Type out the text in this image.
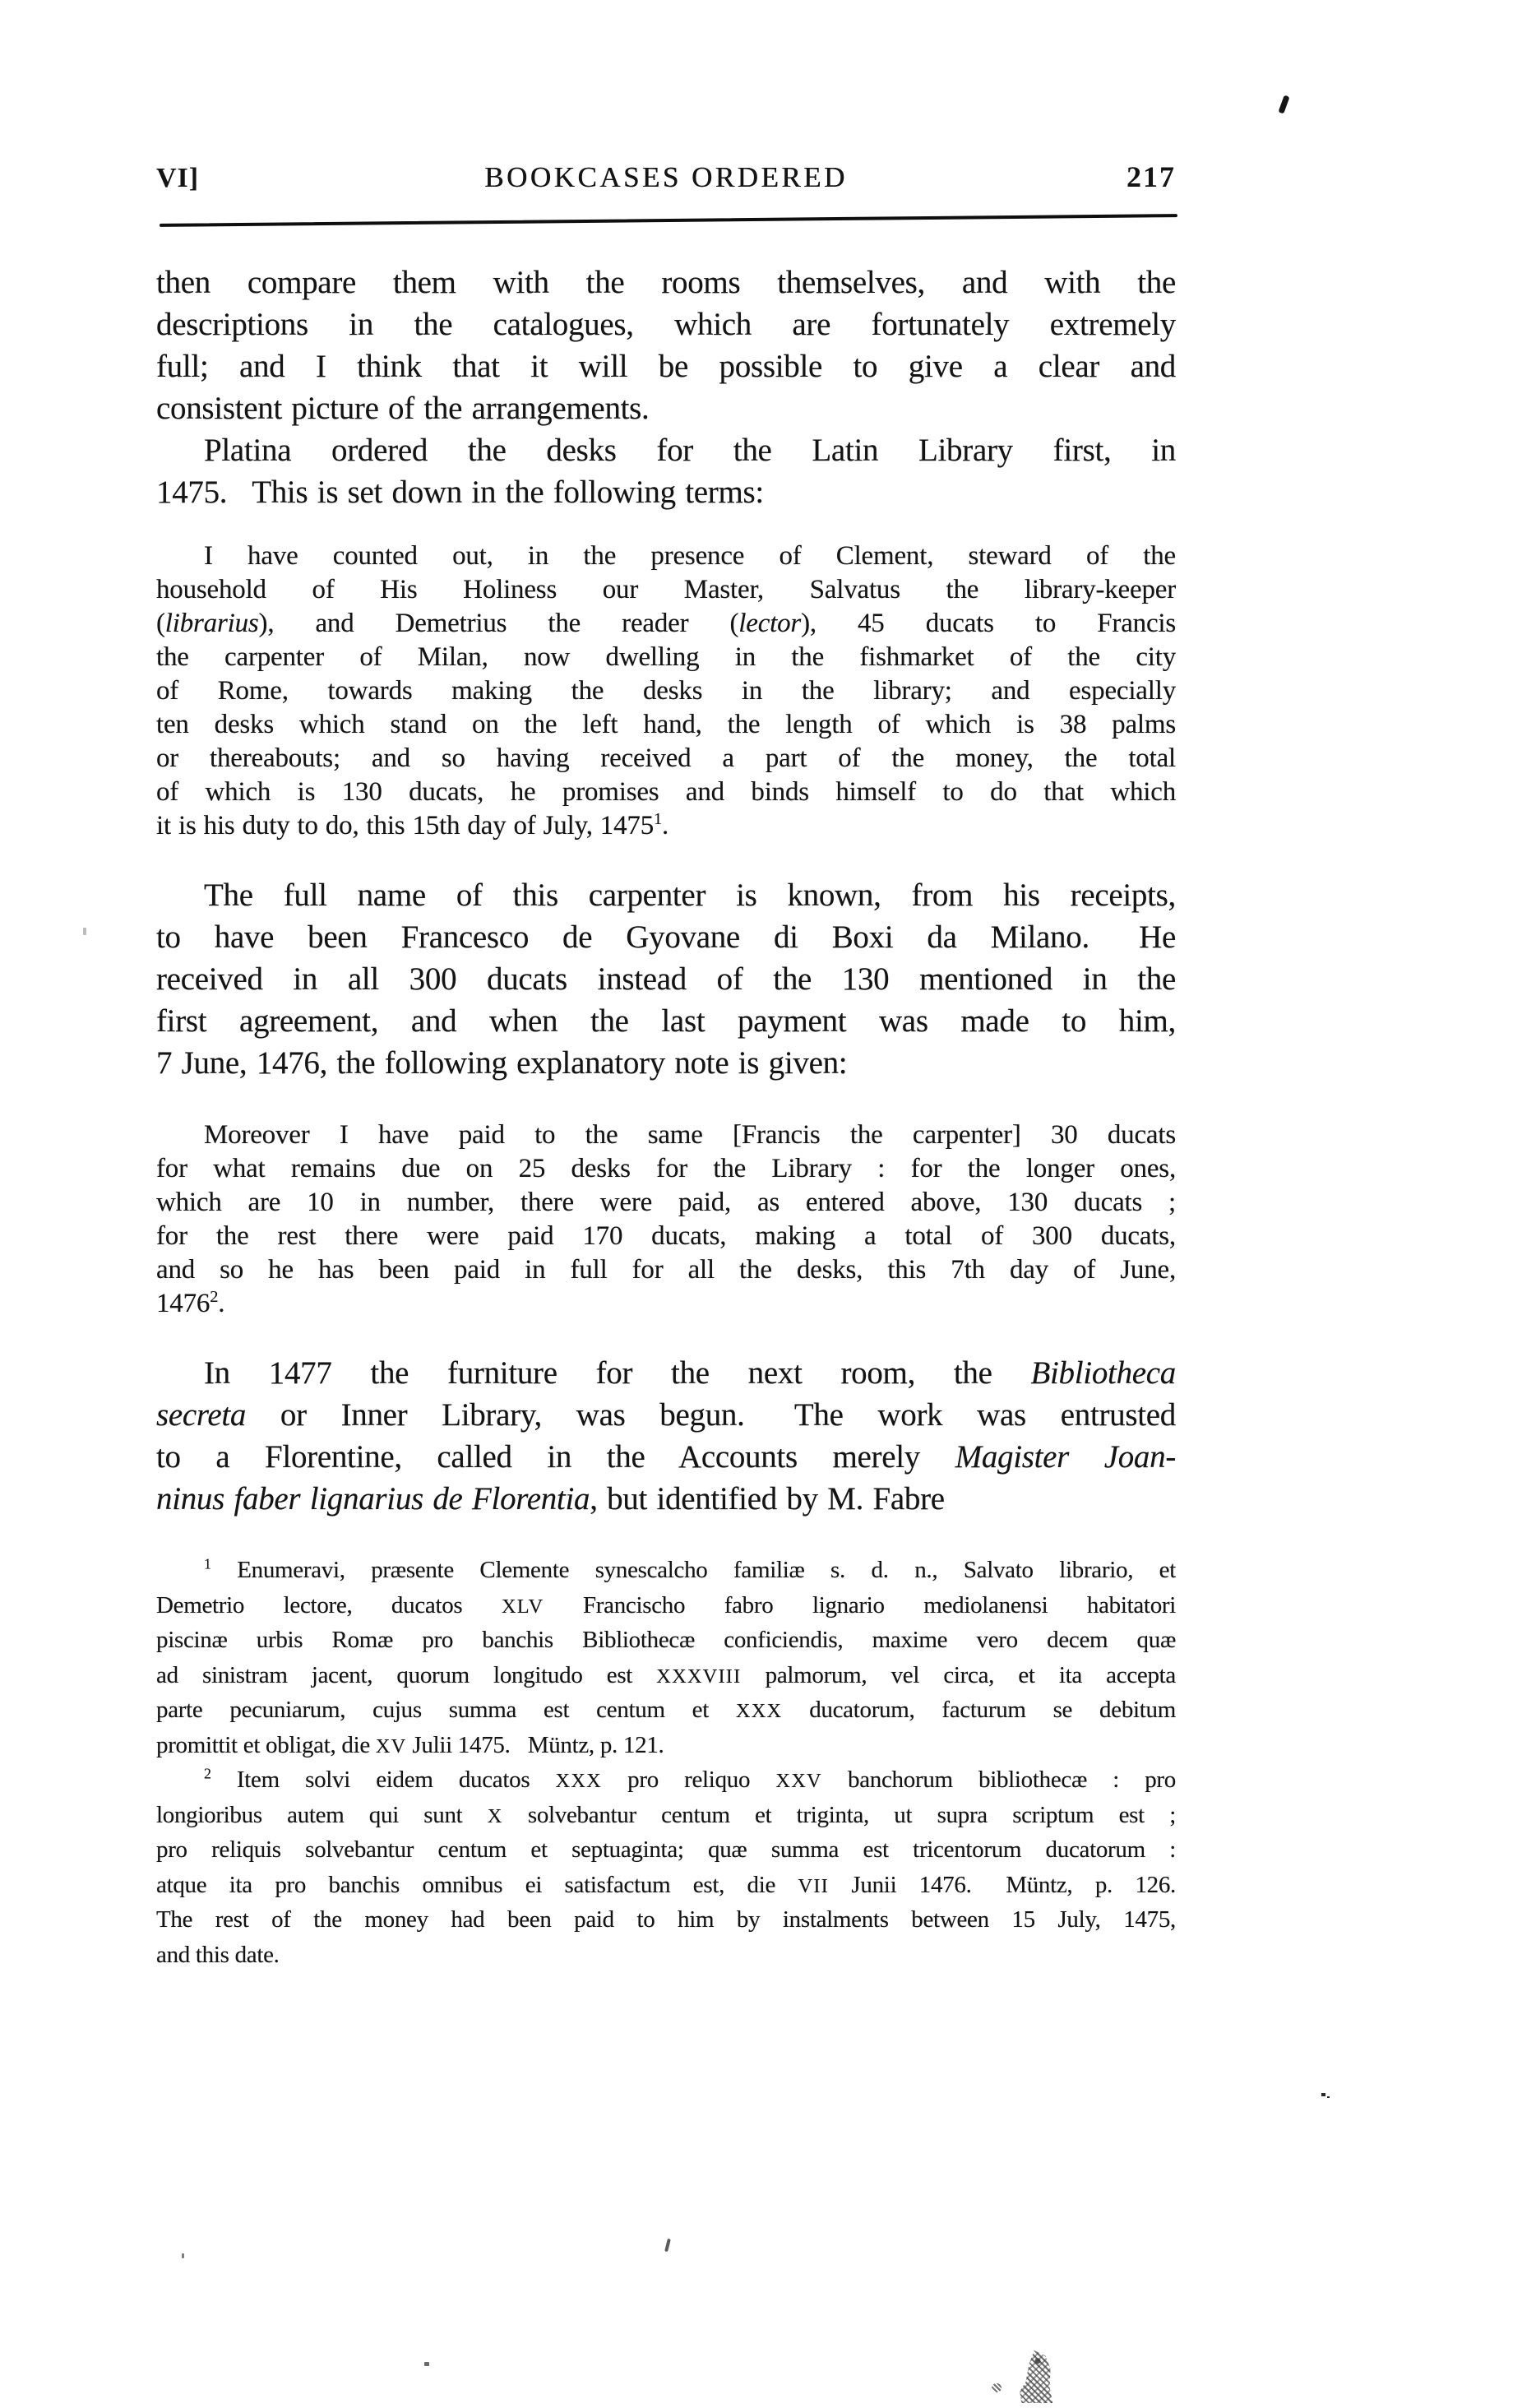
VI]	BOOKCASES ORDERED	217
then compare them with the rooms themselves, and with the
descriptions in the catalogues, which are fortunately extremely
full; and I think that it will be possible to give a clear and
consistent picture of the arrangements.
Platina ordered the desks for the Latin Library first, in
1475.  This is set down in the following terms:
I have counted out, in the presence of Clement, steward of the
household of His Holiness our Master, Salvatus the library-keeper
(librarius), and Demetrius the reader (lector), 45 ducats to Francis
the carpenter of Milan, now dwelling in the fishmarket of the city
of Rome, towards making the desks in the library; and especially
ten desks which stand on the left hand, the length of which is 38 palms
or thereabouts; and so having received a part of the money, the total
of which is 130 ducats, he promises and binds himself to do that which
it is his duty to do, this 15th day of July, 1475$^1$.
The full name of this carpenter is known, from his receipts,
to have been Francesco de Gyovane di Boxi da Milano.  He
received in all 300 ducats instead of the 130 mentioned in the
first agreement, and when the last payment was made to him,
7 June, 1476, the following explanatory note is given:
Moreover I have paid to the same [Francis the carpenter] 30 ducats
for what remains due on 25 desks for the Library : for the longer ones,
which are 10 in number, there were paid, as entered above, 130 ducats ;
for the rest there were paid 170 ducats, making a total of 300 ducats,
and so he has been paid in full for all the desks, this 7th day of June,
1476$^2$.
In 1477 the furniture for the next room, the Bibliotheca
secreta or Inner Library, was begun.  The work was entrusted
to a Florentine, called in the Accounts merely Magister Joan-
ninus faber lignarius de Florentia, but identified by M. Fabre
$^1$ Enumeravi, præsente Clemente synescalcho familiæ s. d. n., Salvato librario, et
Demetrio lectore, ducatos XLV Francischo fabro lignario mediolanensi habitatori
piscinæ urbis Romæ pro banchis Bibliothecæ conficiendis, maxime vero decem quæ
ad sinistram jacent, quorum longitudo est XXXVIII palmorum, vel circa, et ita accepta
parte pecuniarum, cujus summa est centum et XXX ducatorum, facturum se debitum
promittit et obligat, die XV Julii 1475.  Müntz, p. 121.
$^2$ Item solvi eidem ducatos XXX pro reliquo XXV banchorum bibliothecæ : pro
longioribus autem qui sunt X solvebantur centum et triginta, ut supra scriptum est ;
pro reliquis solvebantur centum et septuaginta; quæ summa est tricentorum ducatorum :
atque ita pro banchis omnibus ei satisfactum est, die VII Junii 1476.  Müntz, p. 126.
The rest of the money had been paid to him by instalments between 15 July, 1475,
and this date.
